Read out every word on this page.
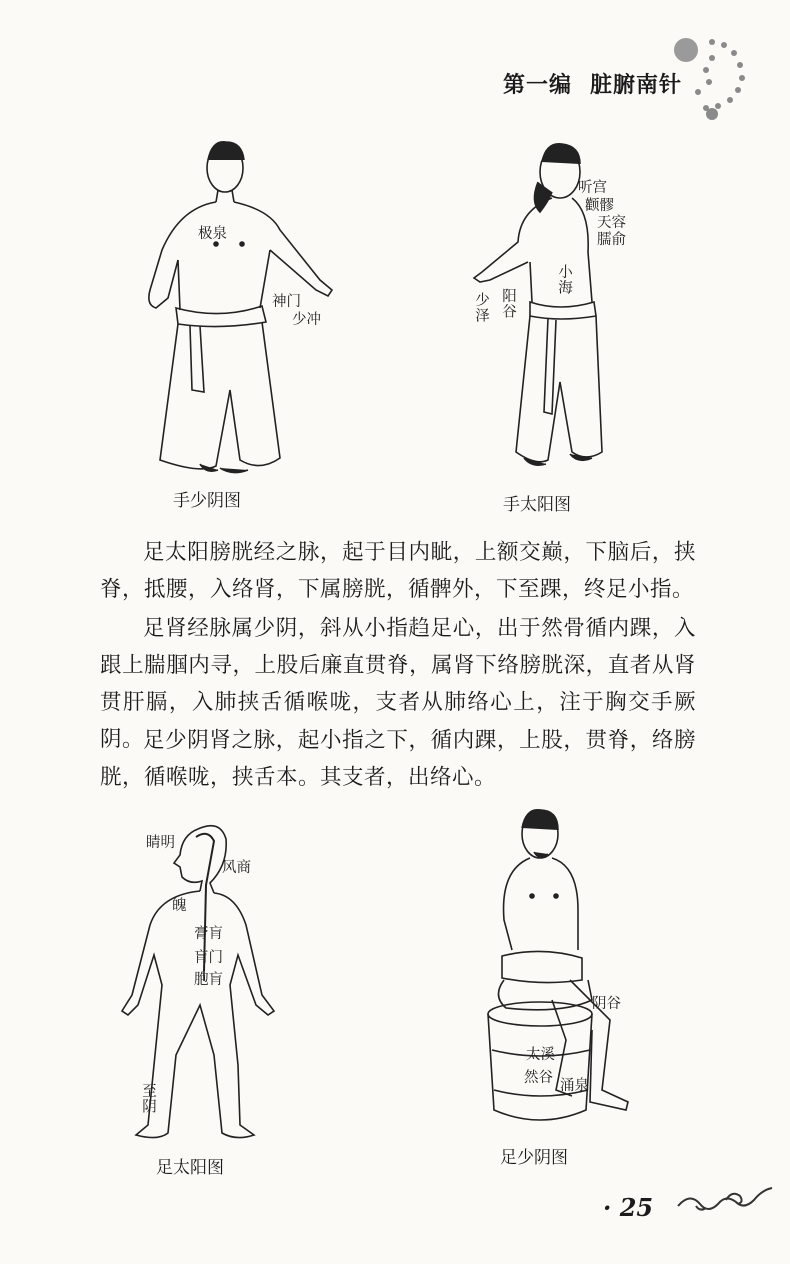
第一编 脏腑南针
极泉
神门
少冲
手少阴图
听宫
颧髎
天容
臑俞
小海
阳谷
少泽
手太阳图
足太阳膀胱经之脉，起于目内眦，上额交巅，下脑后，挟脊，抵腰，入络肾，下属膀胱，循髀外，下至踝，终足小指。
足肾经脉属少阴，斜从小指趋足心，出于然骨循内踝，入跟上腨腘内寻，上股后廉直贯脊，属肾下络膀胱深，直者从肾贯肝膈，入肺挟舌循喉咙，支者从肺络心上，注于胸交手厥阴。
足少阴肾之脉，起小指之下，循内踝，上股，贯脊，络膀胱，循喉咙，挟舌本。其支者，出络心。
睛明
风商
魄
膏肓
肓门
胞肓
至阴
足太阳图
阴谷
太溪
然谷 涌泉
足少阴图
· 25
